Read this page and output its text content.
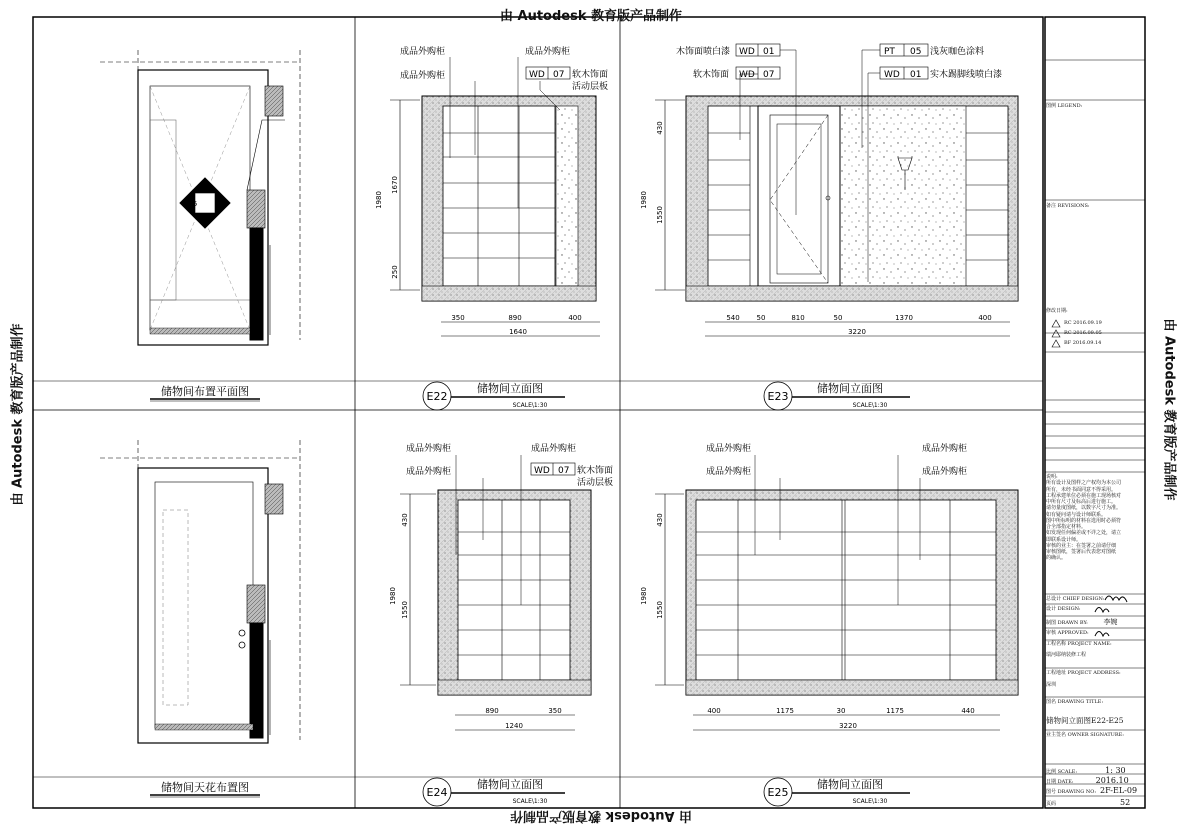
E22
E25	E23
E24
1980
1670
250
350	890	400
1640
成品外购柜	成品外购柜
成品外购柜	WD 07 软木饰面
活动层板
1980
430
1550
540 50	810	50	1370	400
3220
木饰面喷白漆 WD 01
软木饰面 WD 07
PT 05 浅灰咖色涂料
WD 01 实木踢脚线喷白漆
1980
430
1550
890	350
1240
成品外购柜	成品外购柜
成品外购柜	WD 07 软木饰面
活动层板
1980
430
1550
400	1175	30	1175	440
3220
成品外购柜	成品外购柜
成品外购柜	成品外购柜
储物间布置平面图	E22
储物间立面图
SCALE\1:30
E23
储物间立面图
SCALE\1:30
储物间天花布置图	E24
储物间立面图
SCALE\1:30
E25
储物间立面图
SCALE\1:30
由 Autodesk 教育版产品制作
由 Autodesk 教育版产品制作
由 Autodesk 教育版产品制作	由 Autodesk 教育版产品制作
图例 LEGEND:
备注 REVISIONS:
修改日期:
RC 2016.09.19
RC 2016.09.05
BF 2016.09.14
说明:
所有设计及图样之产权均为本公司
所有，未经书面同意不得采用。
工程承建单位必须在施工现场核对
中所有尺寸及标高后进行施工。
请勿量度图纸，以数字尺寸为准。
如有疑问请与设计师联系。
图中所标明的材料在选用时必须符
合全部指定材料。
如发现任何偏差或不详之处，请立
即联系设计师。
审核的业主：在签署之前请仔细
审核图纸，签署后代表您对图纸
的确认。
总设计 CHIEF DESIGN:
设计 DESIGN:
制图 DRAWN BY: 李婉
审核 APPROVED:
工程名称 PROJECT NAME:
瑞河耶纳装修工程
工程地址 PROJECT ADDRESS:
深圳
图名 DRAWING TITLE:
储物间立面图E22-E25
业主签名 OWNER SIGNATURE:
比例 SCALE:	1: 30
日期 DATE:	2016.10
图号 DRAWING NO: 2F-EL-09
页码	52
